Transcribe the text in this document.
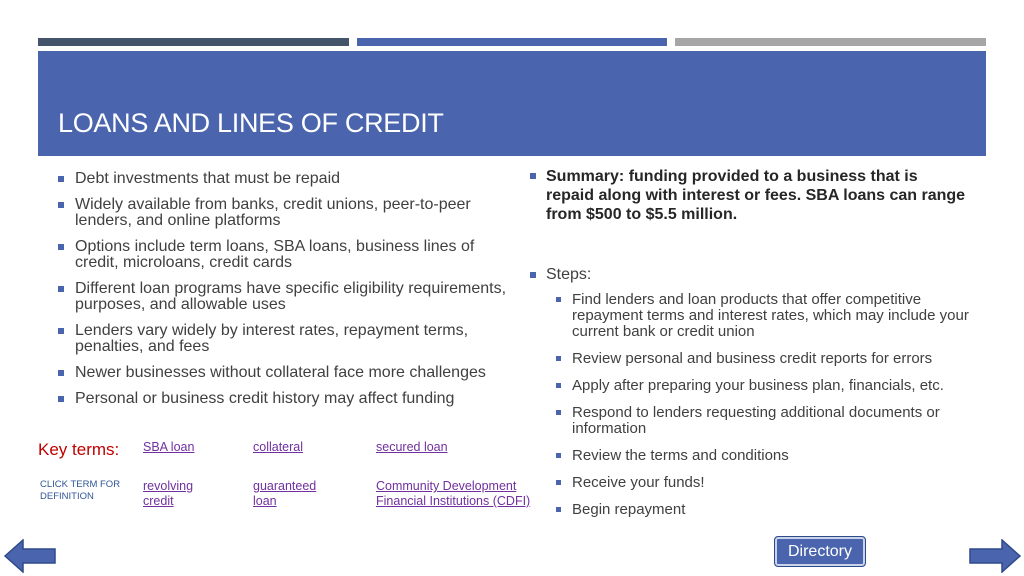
LOANS AND LINES OF CREDIT
Debt investments that must be repaid
Widely available from banks, credit unions, peer-to-peer lenders, and online platforms
Options include term loans, SBA loans, business lines of credit, microloans, credit cards
Different loan programs have specific eligibility requirements, purposes, and allowable uses
Lenders vary widely by interest rates, repayment terms, penalties, and fees
Newer businesses without collateral face more challenges
Personal or business credit history may affect funding
Summary: funding provided to a business that is repaid along with interest or fees. SBA loans can range from $500 to $5.5 million.
Steps:
Find lenders and loan products that offer competitive repayment terms and interest rates, which may include your current bank or credit union
Review personal and business credit reports for errors
Apply after preparing your business plan, financials, etc.
Respond to lenders requesting additional documents or information
Review the terms and conditions
Receive your funds!
Begin repayment
Key terms:
CLICK TERM FOR DEFINITION
SBA loan	collateral	secured loan
revolving credit
guaranteed loan
Community Development Financial Institutions (CDFI)
Directory
